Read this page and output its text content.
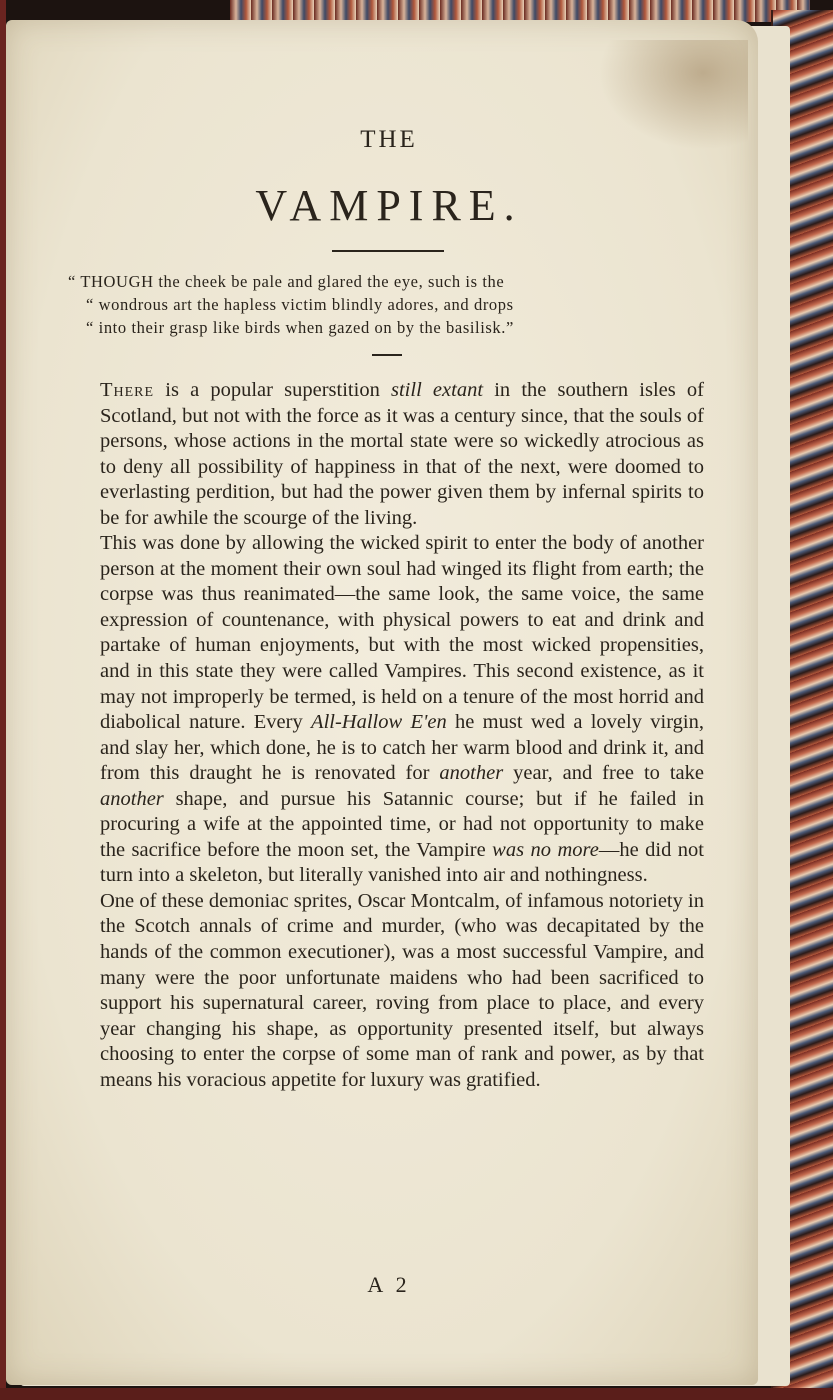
THE
VAMPIRE.
“ THOUGH the cheek be pale and glared the eye, such is the
“ wondrous art the hapless victim blindly adores, and drops
“ into their grasp like birds when gazed on by the basilisk.”

There is a popular superstition still extant in the southern isles of Scotland, but not with the force as it was a century since, that the souls of persons, whose actions in the mortal state were so wickedly atrocious as to deny all possibility of happiness in that of the next, were doomed to everlasting perdition, but had the power given them by infernal spirits to be for awhile the scourge of the living.

This was done by allowing the wicked spirit to enter the body of another person at the moment their own soul had winged its flight from earth; the corpse was thus reanimated—the same look, the same voice, the same expression of countenance, with physical powers to eat and drink and partake of human enjoyments, but with the most wicked propensities, and in this state they were called Vampires. This second existence, as it may not improperly be termed, is held on a tenure of the most horrid and diabolical nature. Every All-Hallow E'en he must wed a lovely virgin, and slay her, which done, he is to catch her warm blood and drink it, and from this draught he is renovated for another year, and free to take another shape, and pursue his Satannic course; but if he failed in procuring a wife at the appointed time, or had not opportunity to make the sacrifice before the moon set, the Vampire was no more—he did not turn into a skeleton, but literally vanished into air and nothingness.

One of these demoniac sprites, Oscar Montcalm, of infamous notoriety in the Scotch annals of crime and murder, (who was decapitated by the hands of the common executioner), was a most successful Vampire, and many were the poor unfortunate maidens who had been sacrificed to support his supernatural career, roving from place to place, and every year changing his shape, as opportunity presented itself, but always choosing to enter the corpse of some man of rank and power, as by that means his voracious appetite for luxury was gratified.

A 2
